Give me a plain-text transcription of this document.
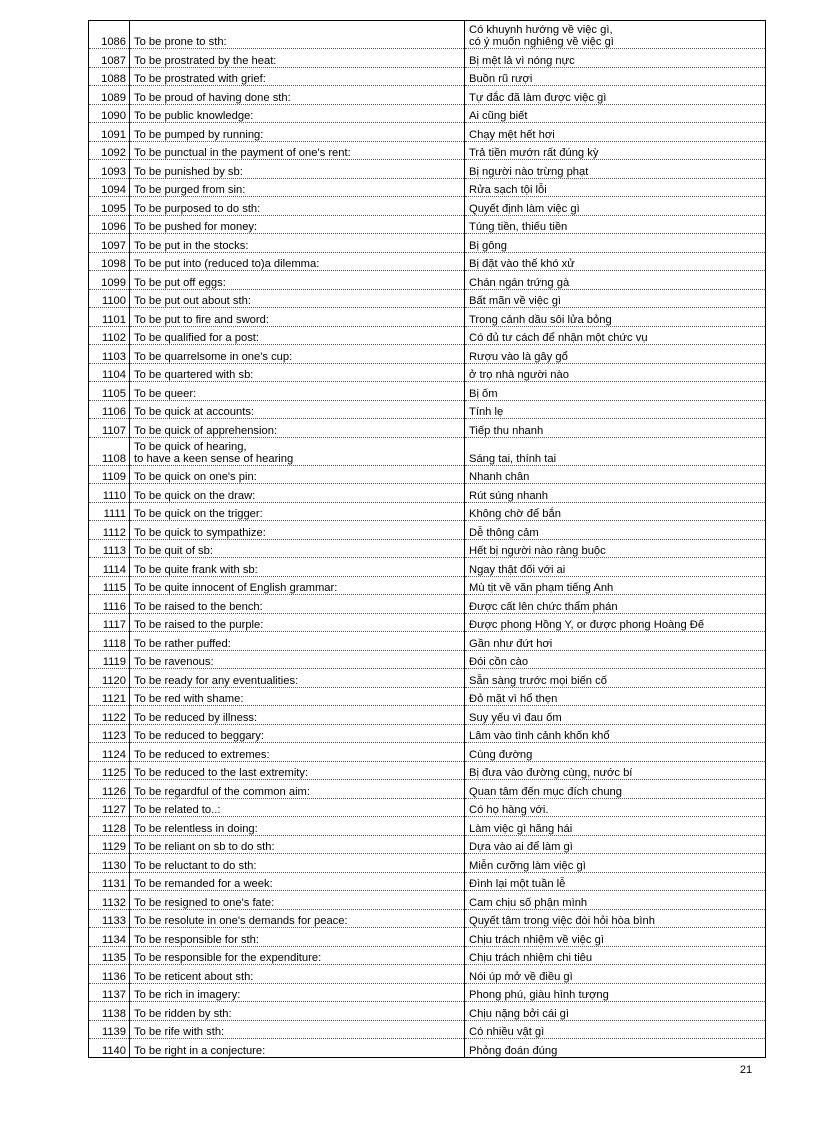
1086	To be prone to sth:	Có khuynh hướng về việc gì,
có ý muốn nghiêng về việc gì
1087	To be prostrated by the heat:	Bị mệt lả vì nóng nực
1088	To be prostrated with grief:	Buồn rũ rượi
1089	To be proud of having done sth:	Tự đắc đã làm được việc gì
1090	To be public knowledge:	Ai cũng biết
1091	To be pumped by running:	Chạy mệt hết hơi
1092	To be punctual in the payment of one's rent:	Trả tiền mướn rất đúng kỳ
1093	To be punished by sb:	Bị người nào trừng phạt
1094	To be purged from sin:	Rửa sạch tội lỗi
1095	To be purposed to do sth:	Quyết định làm việc gì
1096	To be pushed for money:	Túng tiền, thiếu tiền
1097	To be put in the stocks:	Bị gông
1098	To be put into (reduced to)a dilemma:	Bị đặt vào thế khó xử
1099	To be put off eggs:	Chán ngán trứng gà
1100	To be put out about sth:	Bất mãn về việc gì
1101	To be put to fire and sword:	Trong cảnh dầu sôi lửa bỏng
1102	To be qualified for a post:	Có đủ tư cách để nhận một chức vụ
1103	To be quarrelsome in one's cup:	Rượu vào là gây gổ
1104	To be quartered with sb:	ở trọ nhà người nào
1105	To be queer:	Bị ốm
1106	To be quick at accounts:	Tính lẹ
1107	To be quick of apprehension:	Tiếp thu nhanh
1108	To be quick of hearing,
to have a keen sense of hearing	Sáng tai, thính tai
1109	To be quick on one's pin:	Nhanh chân
1110	To be quick on the draw:	Rút súng nhanh
1111	To be quick on the trigger:	Không chờ để bắn
1112	To be quick to sympathize:	Dễ thông cảm
1113	To be quit of sb:	Hết bị người nào ràng buộc
1114	To be quite frank with sb:	Ngay thật đối với ai
1115	To be quite innocent of English grammar:	Mù tịt về văn phạm tiếng Anh
1116	To be raised to the bench:	Được cất lên chức thẩm phán
1117	To be raised to the purple:	Được phong Hồng Y, or được phong Hoàng Đế
1118	To be rather puffed:	Gần như đứt hơi
1119	To be ravenous:	Đói cồn cào
1120	To be ready for any eventualities:	Sẵn sàng trước mọi biến cố
1121	To be red with shame:	Đỏ mặt vì hổ thẹn
1122	To be reduced by illness:	Suy yếu vì đau ốm
1123	To be reduced to beggary:	Lâm vào tình cảnh khốn khổ
1124	To be reduced to extremes:	Cùng đường
1125	To be reduced to the last extremity:	Bị đưa vào đường cùng, nước bí
1126	To be regardful of the common aim:	Quan tâm đến mục đích chung
1127	To be related to..:	Có họ hàng với.
1128	To be relentless in doing:	Làm việc gì hăng hái
1129	To be reliant on sb to do sth:	Dựa vào ai để làm gì
1130	To be reluctant to do sth:	Miễn cưỡng làm việc gì
1131	To be remanded for a week:	Đình lại một tuần lễ
1132	To be resigned to one's fate:	Cam chịu số phận mình
1133	To be resolute in one's demands for peace:	Quyết tâm trong việc đòi hỏi hòa bình
1134	To be responsible for sth:	Chịu trách nhiệm về việc gì
1135	To be responsible for the expenditure:	Chịu trách nhiệm chi tiêu
1136	To be reticent about sth:	Nói úp mở về điều gì
1137	To be rich in imagery:	Phong phú, giàu hình tượng
1138	To be ridden by sth:	Chịu nặng bởi cái gì
1139	To be rife with sth:	Có nhiều vật gì
1140	To be right in a conjecture:	Phỏng đoán đúng
21
